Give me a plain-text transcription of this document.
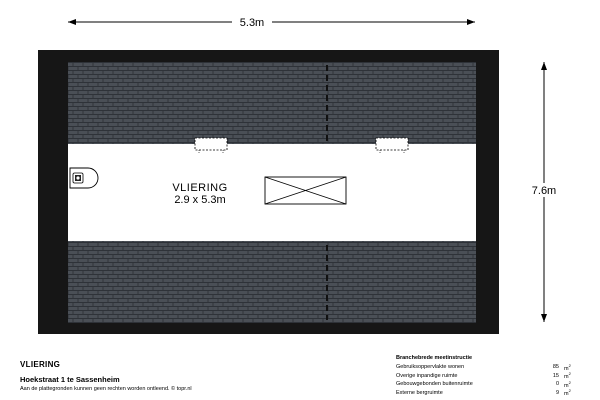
5.3m
7.6m
VLIERING
2.9 x 5.3m
VLIERING
Hoekstraat 1 te Sassenheim
Aan de plattegronden kunnen geen rechten worden ontleend. © topr.nl
Branchebrede meetinstructie
Gebruiksoppervlakte wonen	85 $m^2$
Overige inpandige ruimte	15 $m^2$
Gebouwgebonden buitenruimte	0 $m^2$
Externe bergruimte	9 $m^2$
